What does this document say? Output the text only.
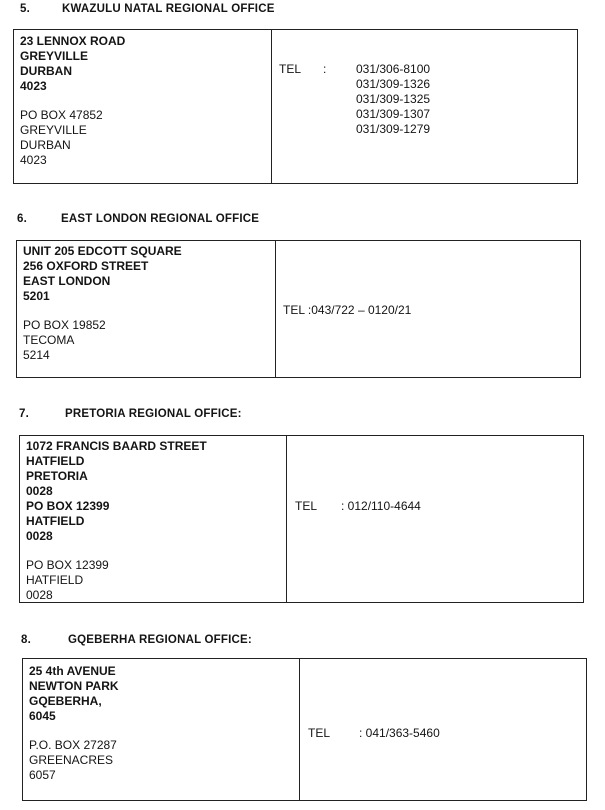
5.	KWAZULU NATAL REGIONAL OFFICE
23 LENNOX ROAD
GREYVILLE
DURBAN
4023
PO BOX 47852
GREYVILLE
DURBAN
4023
TEL : 031/306-8100
031/309-1326
031/309-1325
031/309-1307
031/309-1279
6.	EAST LONDON REGIONAL OFFICE
UNIT 205 EDCOTT SQUARE
256 OXFORD STREET
EAST LONDON
5201
PO BOX 19852
TECOMA
5214
TEL :043/722 – 0120/21
7.	PRETORIA REGIONAL OFFICE:
1072 FRANCIS BAARD STREET
HATFIELD
PRETORIA
0028
PO BOX 12399
HATFIELD
0028
PO BOX 12399
HATFIELD
0028
TEL : 012/110-4644
8.	GQEBERHA REGIONAL OFFICE:
25 4th AVENUE
NEWTON PARK
GQEBERHA,
6045
P.O. BOX 27287
GREENACRES
6057
TEL : 041/363-5460
